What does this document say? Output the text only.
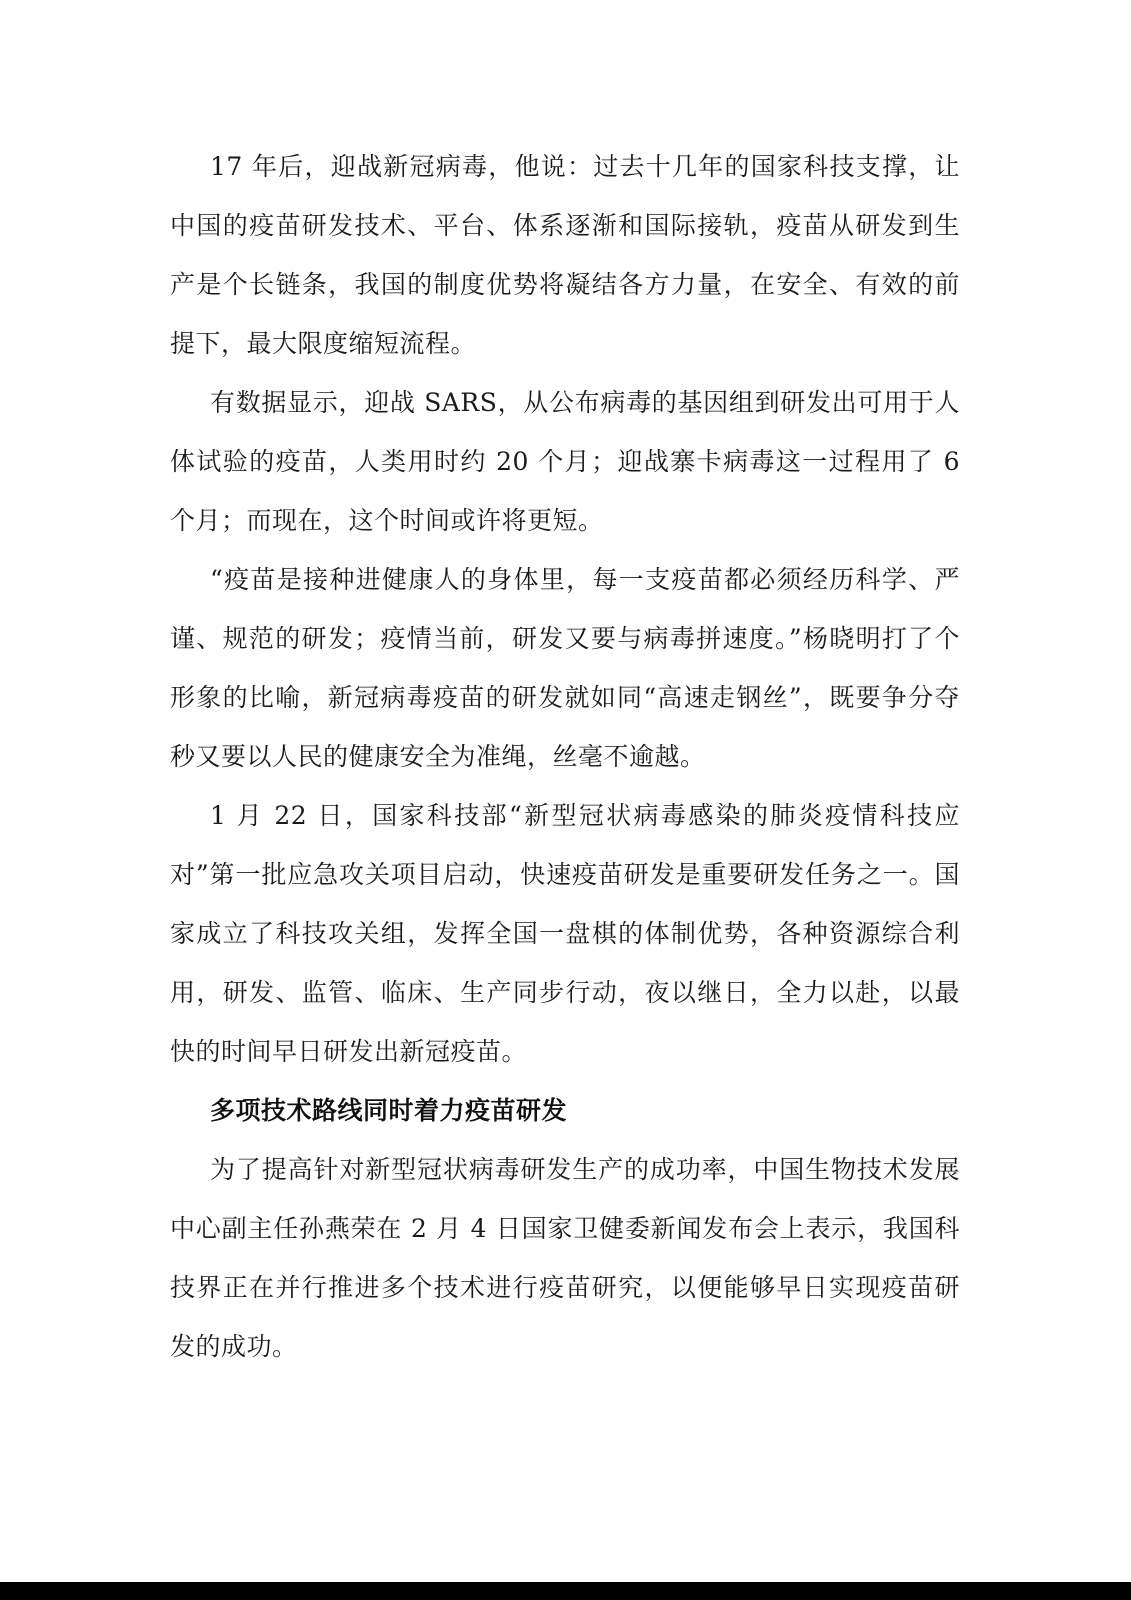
17 年后，迎战新冠病毒，他说：过去十几年的国家科技支撑，让中国的疫苗研发技术、平台、体系逐渐和国际接轨，疫苗从研发到生产是个长链条，我国的制度优势将凝结各方力量，在安全、有效的前提下，最大限度缩短流程。

有数据显示，迎战 SARS，从公布病毒的基因组到研发出可用于人体试验的疫苗，人类用时约 20 个月；迎战寨卡病毒这一过程用了 6 个月；而现在，这个时间或许将更短。

“疫苗是接种进健康人的身体里，每一支疫苗都必须经历科学、严谨、规范的研发；疫情当前，研发又要与病毒拼速度。”杨晓明打了个形象的比喻，新冠病毒疫苗的研发就如同“高速走钢丝”，既要争分夺秒又要以人民的健康安全为准绳，丝毫不逾越。

1 月 22 日，国家科技部“新型冠状病毒感染的肺炎疫情科技应对”第一批应急攻关项目启动，快速疫苗研发是重要研发任务之一。国家成立了科技攻关组，发挥全国一盘棋的体制优势，各种资源综合利用，研发、监管、临床、生产同步行动，夜以继日，全力以赴，以最快的时间早日研发出新冠疫苗。

多项技术路线同时着力疫苗研发

为了提高针对新型冠状病毒研发生产的成功率，中国生物技术发展中心副主任孙燕荣在 2 月 4 日国家卫健委新闻发布会上表示，我国科技界正在并行推进多个技术进行疫苗研究，以便能够早日实现疫苗研发的成功。
